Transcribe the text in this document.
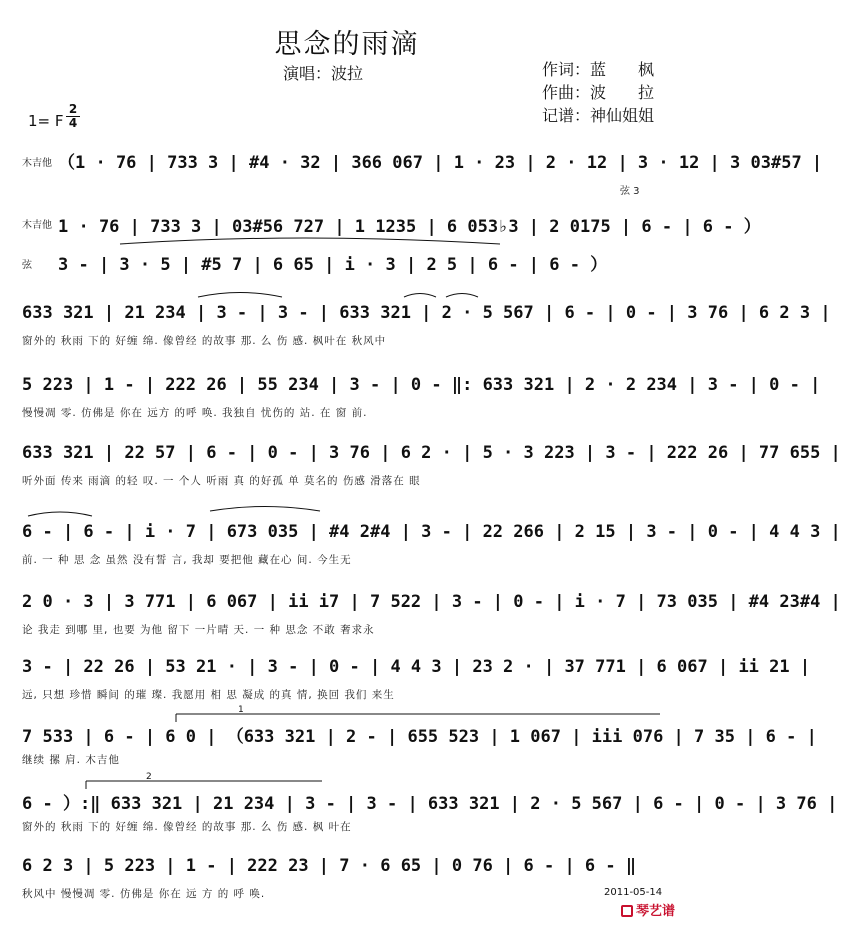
思念的雨滴
演唱：波拉	作词：蓝　　枫
作曲：波　　拉
记谱：神仙姐姐
1= F
2
4
木吉他 （1 · 76 | 733 3 | #4 · 32 | 366 067 | 1 · 23 | 2 · 12 | 3 · 12 | 3 03#57 |
弦 3
木吉他 1 · 76 | 733 3 | 03#56 727 | 1 1235 | 6 053♭3 | 2 0175 | 6 - | 6 - ）
弦 3 - | 3 · 5 | #5 7 | 6 65 | i · 3 | 2 5 | 6 - | 6 - ）
633 321 | 21 234 | 3 - | 3 - | 633 321 | 2 · 5 567 | 6 - | 0 - | 3 76 | 6 2 3 |
窗外的 秋雨 下的 好缠 绵. 像曾经 的故事 那. 么 伤 感. 枫叶在 秋风中
5 223 | 1 - | 222 26 | 55 234 | 3 - | 0 - ‖: 633 321 | 2 · 2 234 | 3 - | 0 - |
慢慢凋 零. 仿佛是 你在 远方 的呼 唤. 我独自 忧伤的 站. 在 窗 前.
633 321 | 22 57 | 6 - | 0 - | 3 76 | 6 2 · | 5 · 3 223 | 3 - | 222 26 | 77 655 |
听外面 传来 雨滴 的轻 叹. 一 个人 听雨 真 的好孤 单 莫名的 伤感 滑落在 眼
6 - | 6 - | i · 7 | 673 035 | #4 2#4 | 3 - | 22 266 | 2 15 | 3 - | 0 - | 4 4 3 |
前. 一 种 思 念 虽然 没有誓 言, 我却 要把他 藏在心 间. 今生无
2 0 · 3 | 3 771 | 6 067 | ii i7 | 7 522 | 3 - | 0 - | i · 7 | 73 035 | #4 23#4 |
论 我走 到哪 里, 也要 为他 留下 一片晴 天. 一 种 思念 不敢 奢求永
3 - | 22 26 | 53 21 · | 3 - | 0 - | 4 4 3 | 23 2 · | 37 771 | 6 067 | ii 21 |
远, 只想 珍惜 瞬间 的璀 璨. 我愿用 相 思 凝成 的真 情, 换回 我们 来生
7 533 | 6 - | 6 0 | （633 321 | 2 - | 655 523 | 1 067 | iii 076 | 7 35 | 6 - |
继续 摞 肩. 木吉他
6 - ）:‖ 633 321 | 21 234 | 3 - | 3 - | 633 321 | 2 · 5 567 | 6 - | 0 - | 3 76 |
窗外的 秋雨 下的 好缠 绵. 像曾经 的故事 那. 么 伤 感. 枫 叶在
6 2 3 | 5 223 | 1 - | 222 23 | 7 · 6 65 | 0 76 | 6 - | 6 - ‖
秋风中 慢慢凋 零. 仿佛是 你在 远 方 的 呼 唤.
1
2
2011-05-14
琴艺谱
